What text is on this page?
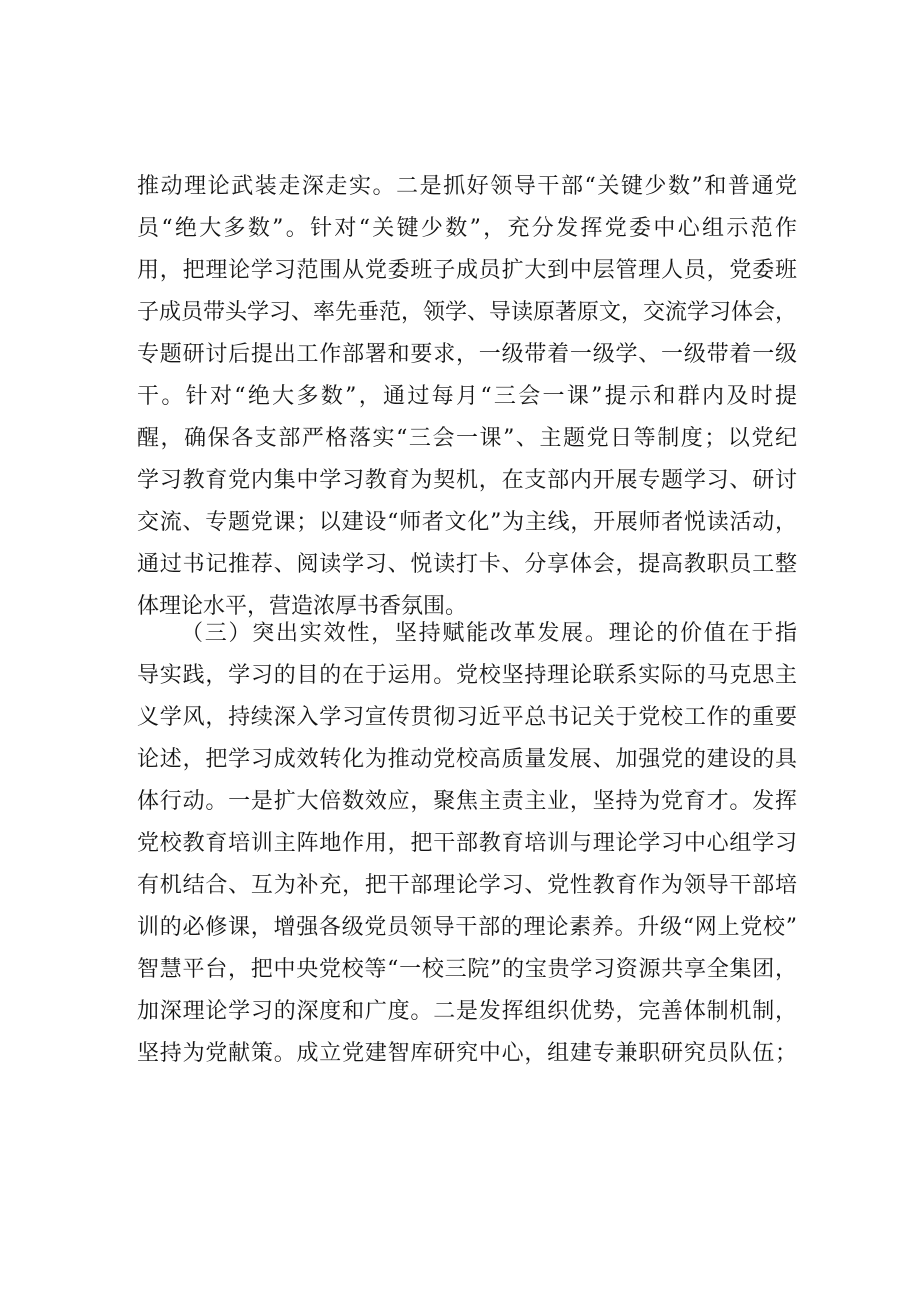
推动理论武装走深走实。二是抓好领导干部“关键少数”和普通党
员“绝大多数”。针对“关键少数”，充分发挥党委中心组示范作
用，把理论学习范围从党委班子成员扩大到中层管理人员，党委班
子成员带头学习、率先垂范，领学、导读原著原文，交流学习体会，
专题研讨后提出工作部署和要求，一级带着一级学、一级带着一级
干。针对“绝大多数”，通过每月“三会一课”提示和群内及时提
醒，确保各支部严格落实“三会一课”、主题党日等制度；以党纪
学习教育党内集中学习教育为契机，在支部内开展专题学习、研讨
交流、专题党课；以建设“师者文化”为主线，开展师者悦读活动，
通过书记推荐、阅读学习、悦读打卡、分享体会，提高教职员工整
体理论水平，营造浓厚书香氛围。
（三）突出实效性，坚持赋能改革发展。理论的价值在于指
导实践，学习的目的在于运用。党校坚持理论联系实际的马克思主
义学风，持续深入学习宣传贯彻习近平总书记关于党校工作的重要
论述，把学习成效转化为推动党校高质量发展、加强党的建设的具
体行动。一是扩大倍数效应，聚焦主责主业，坚持为党育才。发挥
党校教育培训主阵地作用，把干部教育培训与理论学习中心组学习
有机结合、互为补充，把干部理论学习、党性教育作为领导干部培
训的必修课，增强各级党员领导干部的理论素养。升级“网上党校”
智慧平台，把中央党校等“一校三院”的宝贵学习资源共享全集团，
加深理论学习的深度和广度。二是发挥组织优势，完善体制机制，
坚持为党献策。成立党建智库研究中心，组建专兼职研究员队伍；
